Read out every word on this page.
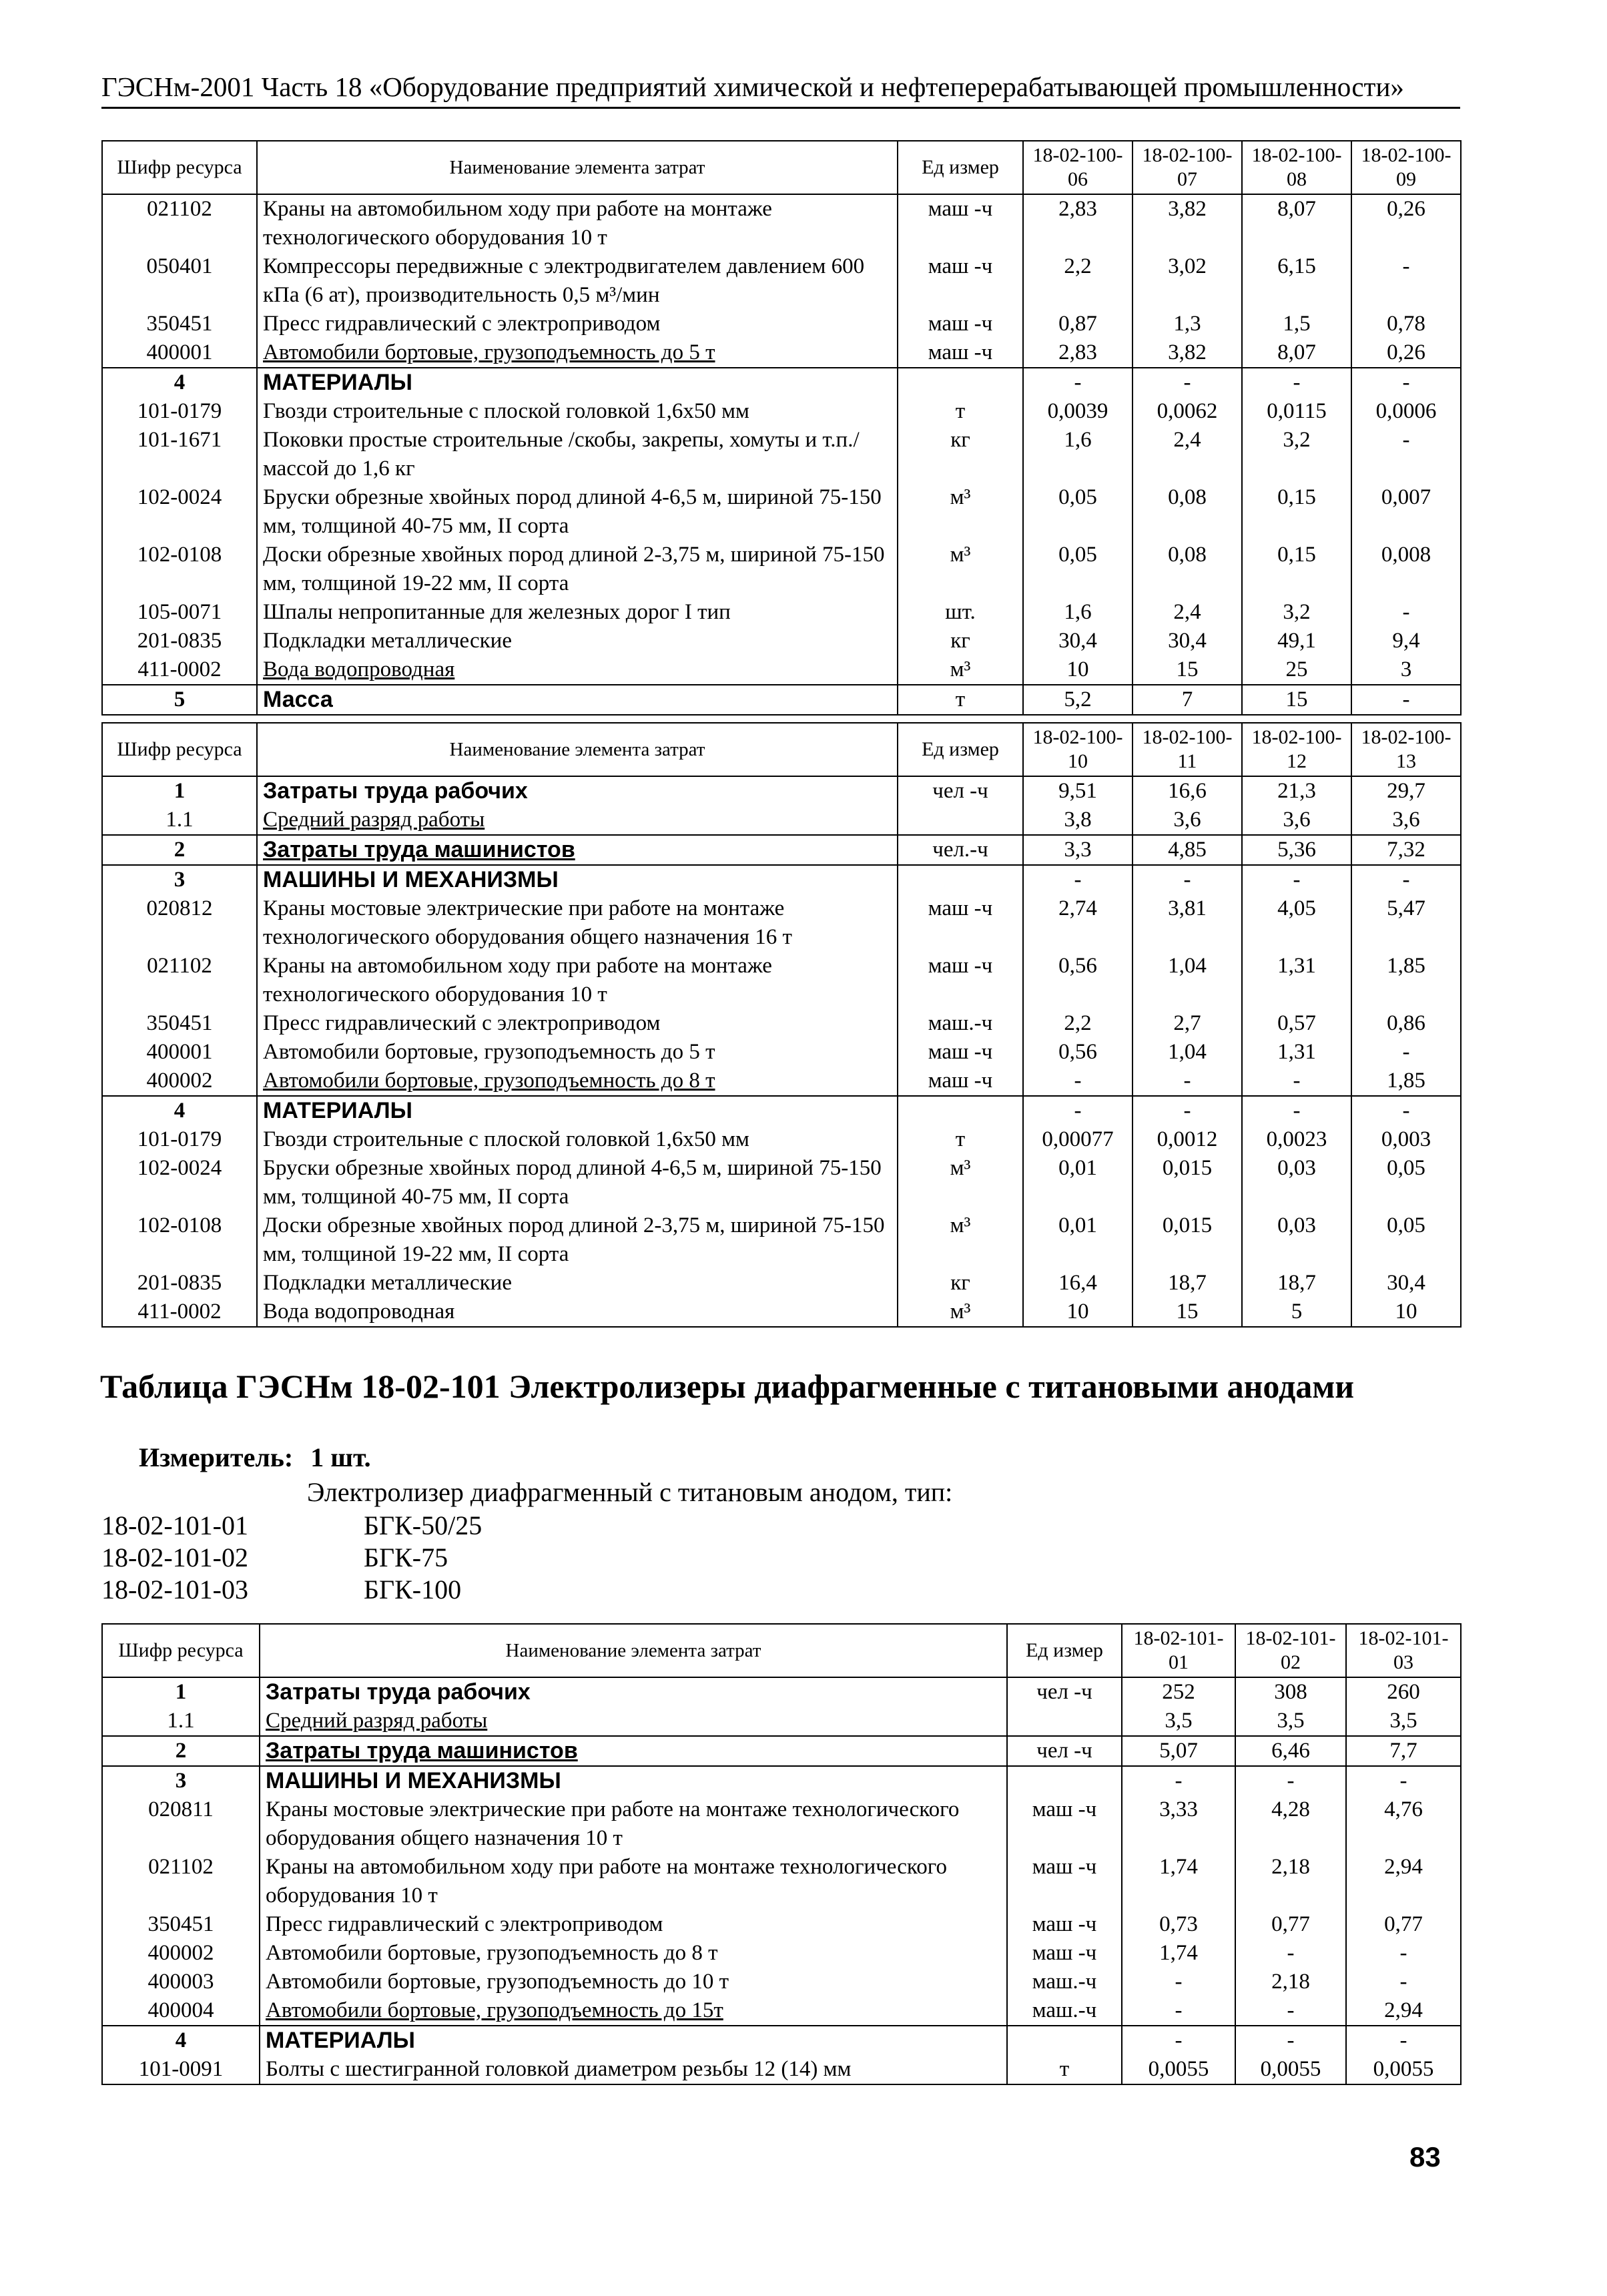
ГЭСНм-2001 Часть 18 «Оборудование предприятий химической и нефтеперерабатывающей промышленности»
Шифр ресурса	Наименование элемента затрат	Ед измер	18-02-100-06	18-02-100-07	18-02-100-08	18-02-100-09
021102	Краны на автомобильном ходу при работе на монтаже технологического оборудования 10 т	маш -ч	2,83	3,82	8,07	0,26
050401	Компрессоры передвижные с электродвигателем давлением 600 кПа (6 ат), производительность 0,5 м³/мин	маш -ч	2,2	3,02	6,15	-
350451	Пресс гидравлический с электроприводом	маш -ч	0,87	1,3	1,5	0,78
400001	Автомобили бортовые, грузоподъемность до 5 т	маш -ч	2,83	3,82	8,07	0,26
4	МАТЕРИАЛЫ		-	-	-	-
101-0179	Гвозди строительные с плоской головкой 1,6х50 мм	т	0,0039	0,0062	0,0115	0,0006
101-1671	Поковки простые строительные /скобы, закрепы, хомуты и т.п./ массой до 1,6 кг	кг	1,6	2,4	3,2	-
102-0024	Бруски обрезные хвойных пород длиной 4-6,5 м, шириной 75-150 мм, толщиной 40-75 мм, II сорта	м³	0,05	0,08	0,15	0,007
102-0108	Доски обрезные хвойных пород длиной 2-3,75 м, шириной 75-150 мм, толщиной 19-22 мм, II сорта	м³	0,05	0,08	0,15	0,008
105-0071	Шпалы непропитанные для железных дорог I тип	шт.	1,6	2,4	3,2	-
201-0835	Подкладки металлические	кг	30,4	30,4	49,1	9,4
411-0002	Вода водопроводная	м³	10	15	25	3
5	Масса	т	5,2	7	15	-
Шифр ресурса	Наименование элемента затрат	Ед измер	18-02-100-10	18-02-100-11	18-02-100-12	18-02-100-13
1	Затраты труда рабочих	чел -ч	9,51	16,6	21,3	29,7
1.1	Средний разряд работы		3,8	3,6	3,6	3,6
2	Затраты труда машинистов	чел.-ч	3,3	4,85	5,36	7,32
3	МАШИНЫ И МЕХАНИЗМЫ		-	-	-	-
020812	Краны мостовые электрические при работе на монтаже технологического оборудования общего назначения 16 т	маш -ч	2,74	3,81	4,05	5,47
021102	Краны на автомобильном ходу при работе на монтаже технологического оборудования 10 т	маш -ч	0,56	1,04	1,31	1,85
350451	Пресс гидравлический с электроприводом	маш.-ч	2,2	2,7	0,57	0,86
400001	Автомобили бортовые, грузоподъемность до 5 т	маш -ч	0,56	1,04	1,31	-
400002	Автомобили бортовые, грузоподъемность до 8 т	маш -ч	-	-	-	1,85
4	МАТЕРИАЛЫ		-	-	-	-
101-0179	Гвозди строительные с плоской головкой 1,6х50 мм	т	0,00077	0,0012	0,0023	0,003
102-0024	Бруски обрезные хвойных пород длиной 4-6,5 м, шириной 75-150 мм, толщиной 40-75 мм, II сорта	м³	0,01	0,015	0,03	0,05
102-0108	Доски обрезные хвойных пород длиной 2-3,75 м, шириной 75-150 мм, толщиной 19-22 мм, II сорта	м³	0,01	0,015	0,03	0,05
201-0835	Подкладки металлические	кг	16,4	18,7	18,7	30,4
411-0002	Вода водопроводная	м³	10	15	5	10
Таблица ГЭСНм 18-02-101 Электролизеры диафрагменные с титановыми анодами
Измеритель: 1 шт.
Электролизер диафрагменный с титановым анодом, тип:
18-02-101-01	БГК-50/25
18-02-101-02	БГК-75
18-02-101-03	БГК-100
Шифр ресурса	Наименование элемента затрат	Ед измер	18-02-101-01	18-02-101-02	18-02-101-03
1	Затраты труда рабочих	чел -ч	252	308	260
1.1	Средний разряд работы		3,5	3,5	3,5
2	Затраты труда машинистов	чел -ч	5,07	6,46	7,7
3	МАШИНЫ И МЕХАНИЗМЫ		-	-	-
020811	Краны мостовые электрические при работе на монтаже технологического оборудования общего назначения 10 т	маш -ч	3,33	4,28	4,76
021102	Краны на автомобильном ходу при работе на монтаже технологического оборудования 10 т	маш -ч	1,74	2,18	2,94
350451	Пресс гидравлический с электроприводом	маш -ч	0,73	0,77	0,77
400002	Автомобили бортовые, грузоподъемность до 8 т	маш -ч	1,74	-	-
400003	Автомобили бортовые, грузоподъемность до 10 т	маш.-ч	-	2,18	-
400004	Автомобили бортовые, грузоподъемность до 15т	маш.-ч	-	-	2,94
4	МАТЕРИАЛЫ		-	-	-
101-0091	Болты с шестигранной головкой диаметром резьбы 12 (14) мм	т	0,0055	0,0055	0,0055
83
